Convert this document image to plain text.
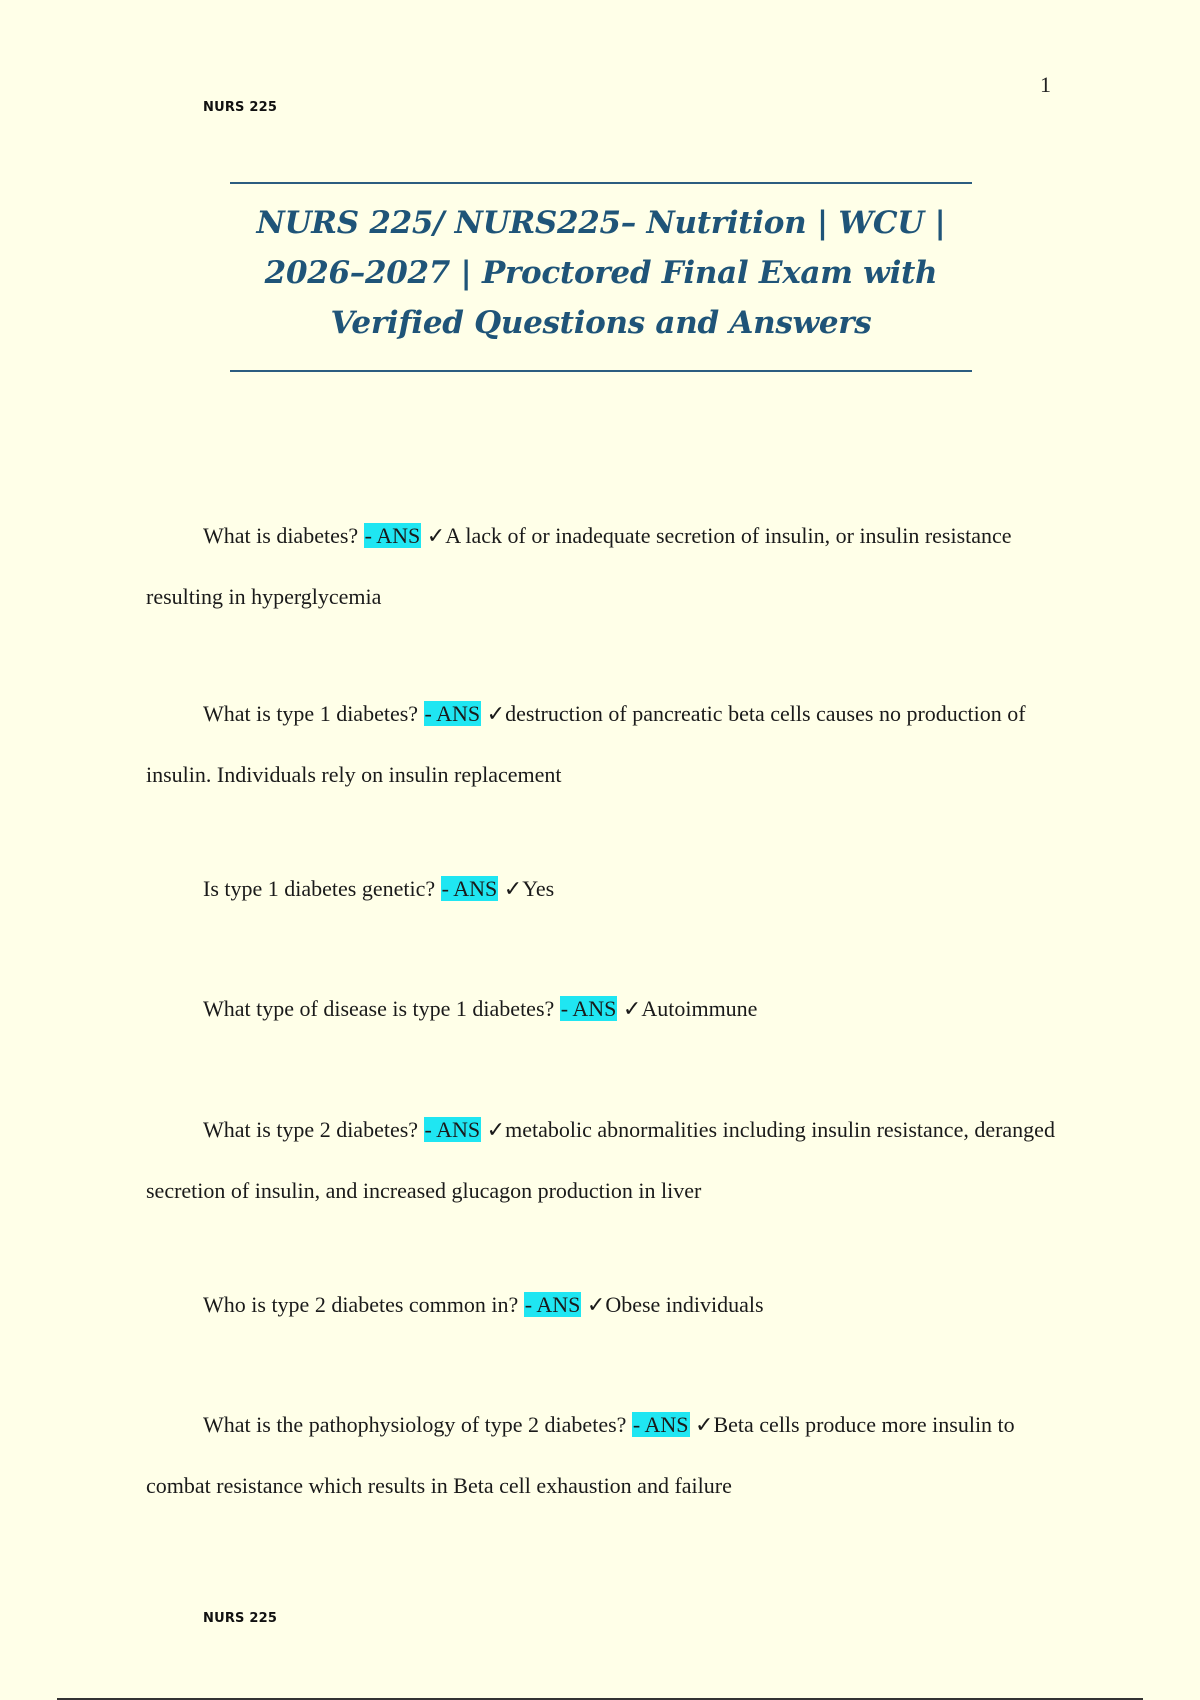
1
NURS 225
NURS 225/ NURS225– Nutrition | WCU |
2026–2027 | Proctored Final Exam with
Verified Questions and Answers
What is diabetes? - ANS ✓A lack of or inadequate secretion of insulin, or insulin resistance resulting in hyperglycemia
What is type 1 diabetes? - ANS ✓destruction of pancreatic beta cells causes no production of insulin. Individuals rely on insulin replacement
Is type 1 diabetes genetic? - ANS ✓Yes
What type of disease is type 1 diabetes? - ANS ✓Autoimmune
What is type 2 diabetes? - ANS ✓metabolic abnormalities including insulin resistance, deranged secretion of insulin, and increased glucagon production in liver
Who is type 2 diabetes common in? - ANS ✓Obese individuals
What is the pathophysiology of type 2 diabetes? - ANS ✓Beta cells produce more insulin to combat resistance which results in Beta cell exhaustion and failure
NURS 225
